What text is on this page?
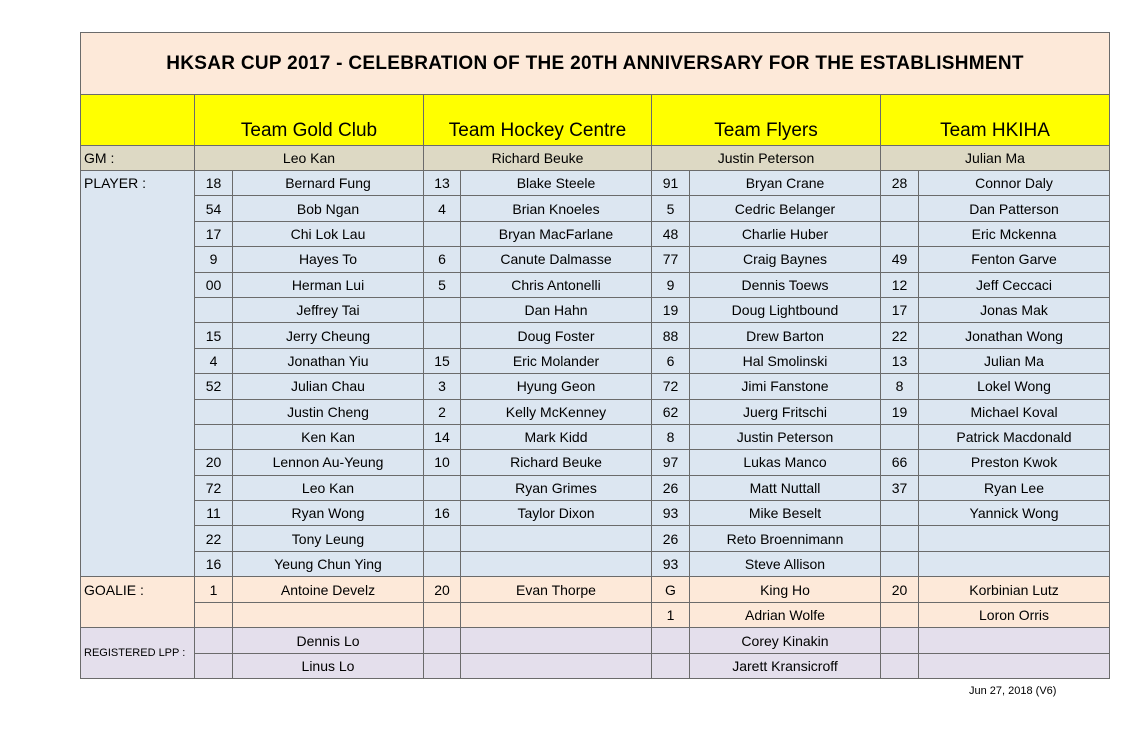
HKSAR CUP 2017 - CELEBRATION OF THE 20TH ANNIVERSARY FOR THE ESTABLISHMENT								
	Team Gold Club		Team Hockey Centre		Team Flyers		Team HKIHA	
GM :	Leo Kan		Richard Beuke		Justin Peterson		Julian Ma	
PLAYER :	18	Bernard Fung	13	Blake Steele	91	Bryan Crane	28	Connor Daly
	54	Bob Ngan	4	Brian Knoeles	5	Cedric Belanger		Dan Patterson
	17	Chi Lok Lau		Bryan MacFarlane	48	Charlie Huber		Eric Mckenna
	9	Hayes To	6	Canute Dalmasse	77	Craig Baynes	49	Fenton Garve
	00	Herman Lui	5	Chris Antonelli	9	Dennis Toews	12	Jeff Ceccaci
		Jeffrey Tai		Dan Hahn	19	Doug Lightbound	17	Jonas Mak
	15	Jerry Cheung		Doug Foster	88	Drew Barton	22	Jonathan Wong
	4	Jonathan Yiu	15	Eric Molander	6	Hal Smolinski	13	Julian Ma
	52	Julian Chau	3	Hyung Geon	72	Jimi Fanstone	8	Lokel Wong
		Justin Cheng	2	Kelly McKenney	62	Juerg Fritschi	19	Michael Koval
		Ken Kan	14	Mark Kidd	8	Justin Peterson		Patrick Macdonald
	20	Lennon Au-Yeung	10	Richard Beuke	97	Lukas Manco	66	Preston Kwok
	72	Leo Kan		Ryan Grimes	26	Matt Nuttall	37	Ryan Lee
	11	Ryan Wong	16	Taylor Dixon	93	Mike Beselt		Yannick Wong
	22	Tony Leung			26	Reto Broennimann		
	16	Yeung Chun Ying			93	Steve Allison		
GOALIE :	1	Antoine Develz	20	Evan Thorpe	G	King Ho	20	Korbinian Lutz
					1	Adrian Wolfe		Loron Orris
REGISTERED LPP :		Dennis Lo				Corey Kinakin		
		Linus Lo				Jarett Kransicroff		
Jun 27, 2018 (V6)
